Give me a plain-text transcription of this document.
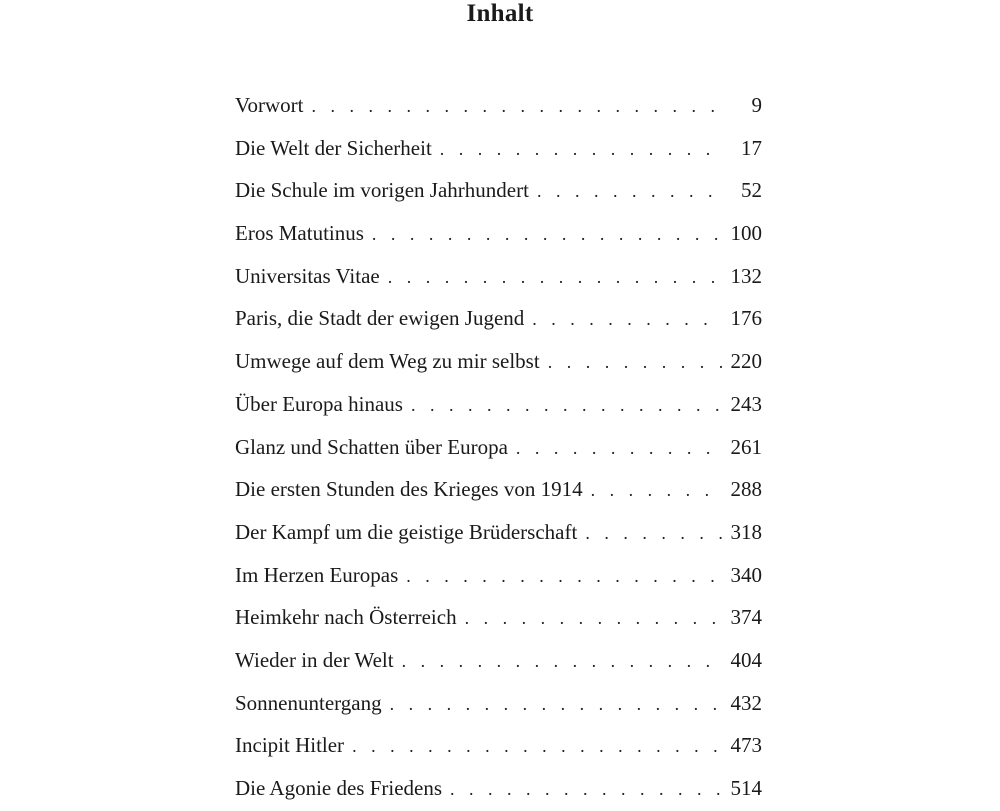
Inhalt
Vorwort . . .	9
Die Welt der Sicherheit . . .	17
Die Schule im vorigen Jahrhundert . . .	52
Eros Matutinus . . .	100
Universitas Vitae . . .	132
Paris, die Stadt der ewigen Jugend . . .	176
Umwege auf dem Weg zu mir selbst . . .	220
Über Europa hinaus . . .	243
Glanz und Schatten über Europa . . .	261
Die ersten Stunden des Krieges von 1914 . . .	288
Der Kampf um die geistige Brüderschaft . . .	318
Im Herzen Europas . . .	340
Heimkehr nach Österreich . . .	374
Wieder in der Welt . . .	404
Sonnenuntergang . . .	432
Incipit Hitler . . .	473
Die Agonie des Friedens . . .	514
